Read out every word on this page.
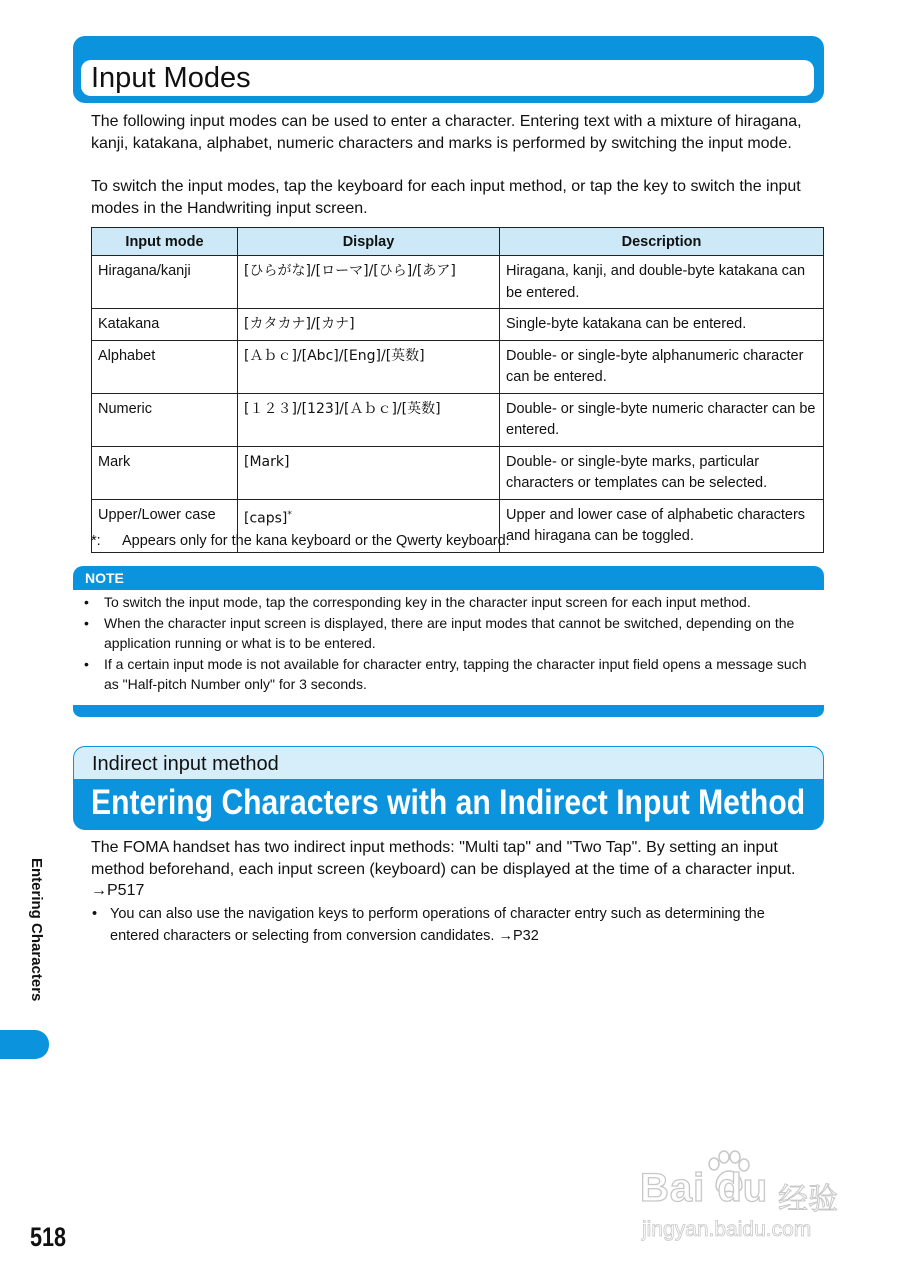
Input Modes

The following input modes can be used to enter a character. Entering text with a mixture of hiragana, kanji, katakana, alphabet, numeric characters and marks is performed by switching the input mode.

To switch the input modes, tap the keyboard for each input method, or tap the key to switch the input modes in the Handwriting input screen.

Input mode	Display	Description
Hiragana/kanji	[ひらがな]/[ローマ]/[ひら]/[あア]	Hiragana, kanji, and double-byte katakana can be entered.
Katakana	[カタカナ]/[カナ]	Single-byte katakana can be entered.
Alphabet	[Ａｂｃ]/[Abc]/[Eng]/[英数]	Double- or single-byte alphanumeric character can be entered.
Numeric	[１２３]/[123]/[Ａｂｃ]/[英数]	Double- or single-byte numeric character can be entered.
Mark	[Mark]	Double- or single-byte marks, particular characters or templates can be selected.
Upper/Lower case	[caps]*	Upper and lower case of alphabetic characters and hiragana can be toggled.
*: Appears only for the kana keyboard or the Qwerty keyboard.
NOTE
• To switch the input mode, tap the corresponding key in the character input screen for each input method.
• When the character input screen is displayed, there are input modes that cannot be switched, depending on the application running or what is to be entered.
• If a certain input mode is not available for character entry, tapping the character input field opens a message such as "Half-pitch Number only" for 3 seconds.
Indirect input method
Entering Characters with an Indirect Input Method

The FOMA handset has two indirect input methods: "Multi tap" and "Two Tap". By setting an input method beforehand, each input screen (keyboard) can be displayed at the time of a character input. →P517

• You can also use the navigation keys to perform operations of character entry such as determining the entered characters or selecting from conversion candidates. →P32
Entering Characters
518
Bai du 经验
jingyan.baidu.com
